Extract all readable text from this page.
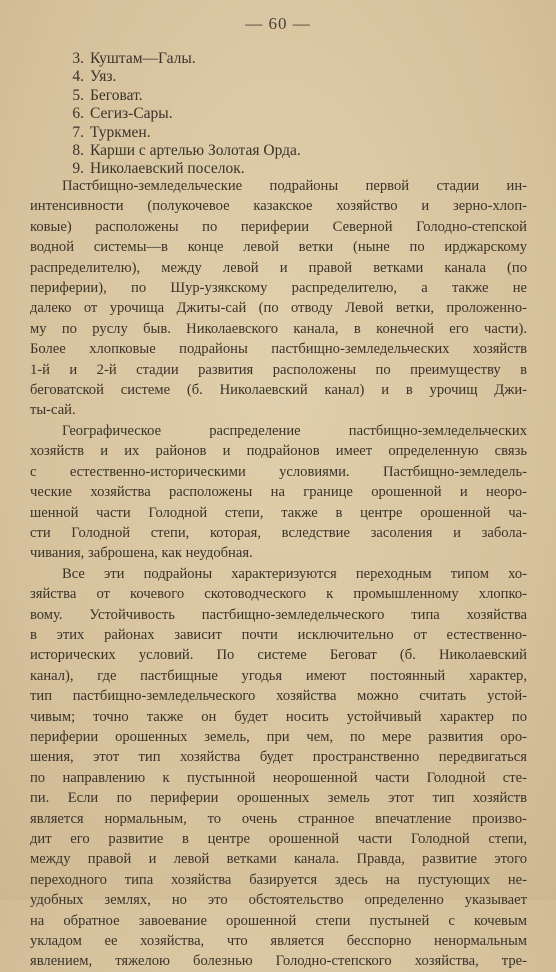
— 60 —
3. Куштам—Галы.
4. Уяз.
5. Беговат.
6. Сегиз-Сары.
7. Туркмен.
8. Карши с артелью Золотая Орда.
9. Николаевский поселок.

Пастбищно-земледельческие подрайоны первой стадии ин-
интенсивности (полукочевое казакское хозяйство и зерно-хлоп-
ковые) расположены по периферии Северной Голодно-степской
водной системы—в конце левой ветки (ныне по ирджарскому
распределителю), между левой и правой ветками канала (по
периферии), по Шур-узякскому распределителю, а также не
далеко от урочища Джиты-сай (по отводу Левой ветки, проложенно-
му по руслу быв. Николаевского канала, в конечной его части).
Более хлопковые подрайоны пастбищно-земледельческих хозяйств
1-й и 2-й стадии развития расположены по преимуществу в
беговатской системе (б. Николаевский канал) и в урочищ Джи-
ты-сай.

Географическое распределение пастбищно-земледельческих
хозяйств и их районов и подрайонов имеет определенную связь
с естественно-историческими условиями. Пастбищно-земледель-
ческие хозяйства расположены на границе орошенной и неоро-
шенной части Голодной степи, также в центре орошенной ча-
сти Голодной степи, которая, вследствие засоления и забола-
чивания, заброшена, как неудобная.

Все эти подрайоны характеризуются переходным типом хо-
зяйства от кочевого скотоводческого к промышленному хлопко-
вому. Устойчивость пастбищно-земледельческого типа хозяйства
в этих районах зависит почти исключительно от естественно-
исторических условий. По системе Беговат (б. Николаевский
канал), где пастбищные угодья имеют постоянный характер,
тип пастбищно-земледельческого хозяйства можно считать устой-
чивым; точно также он будет носить устойчивый характер по
периферии орошенных земель, при чем, по мере развития оро-
шения, этот тип хозяйства будет пространственно передвигаться
по направлению к пустынной неорошенной части Голодной сте-
пи. Если по периферии орошенных земель этот тип хозяйств
является нормальным, то очень странное впечатление произво-
дит его развитие в центре орошенной части Голодной степи,
между правой и левой ветками канала. Правда, развитие этого
переходного типа хозяйства базируется здесь на пустующих не-
удобных землях, но это обстоятельство определенно указывает
на обратное завоевание орошенной степи пустыней с кочевым
укладом ее хозяйства, что является бесспорно ненормальным
явлением, тяжелою болезнью Голодно-степского хозяйства, тре-
